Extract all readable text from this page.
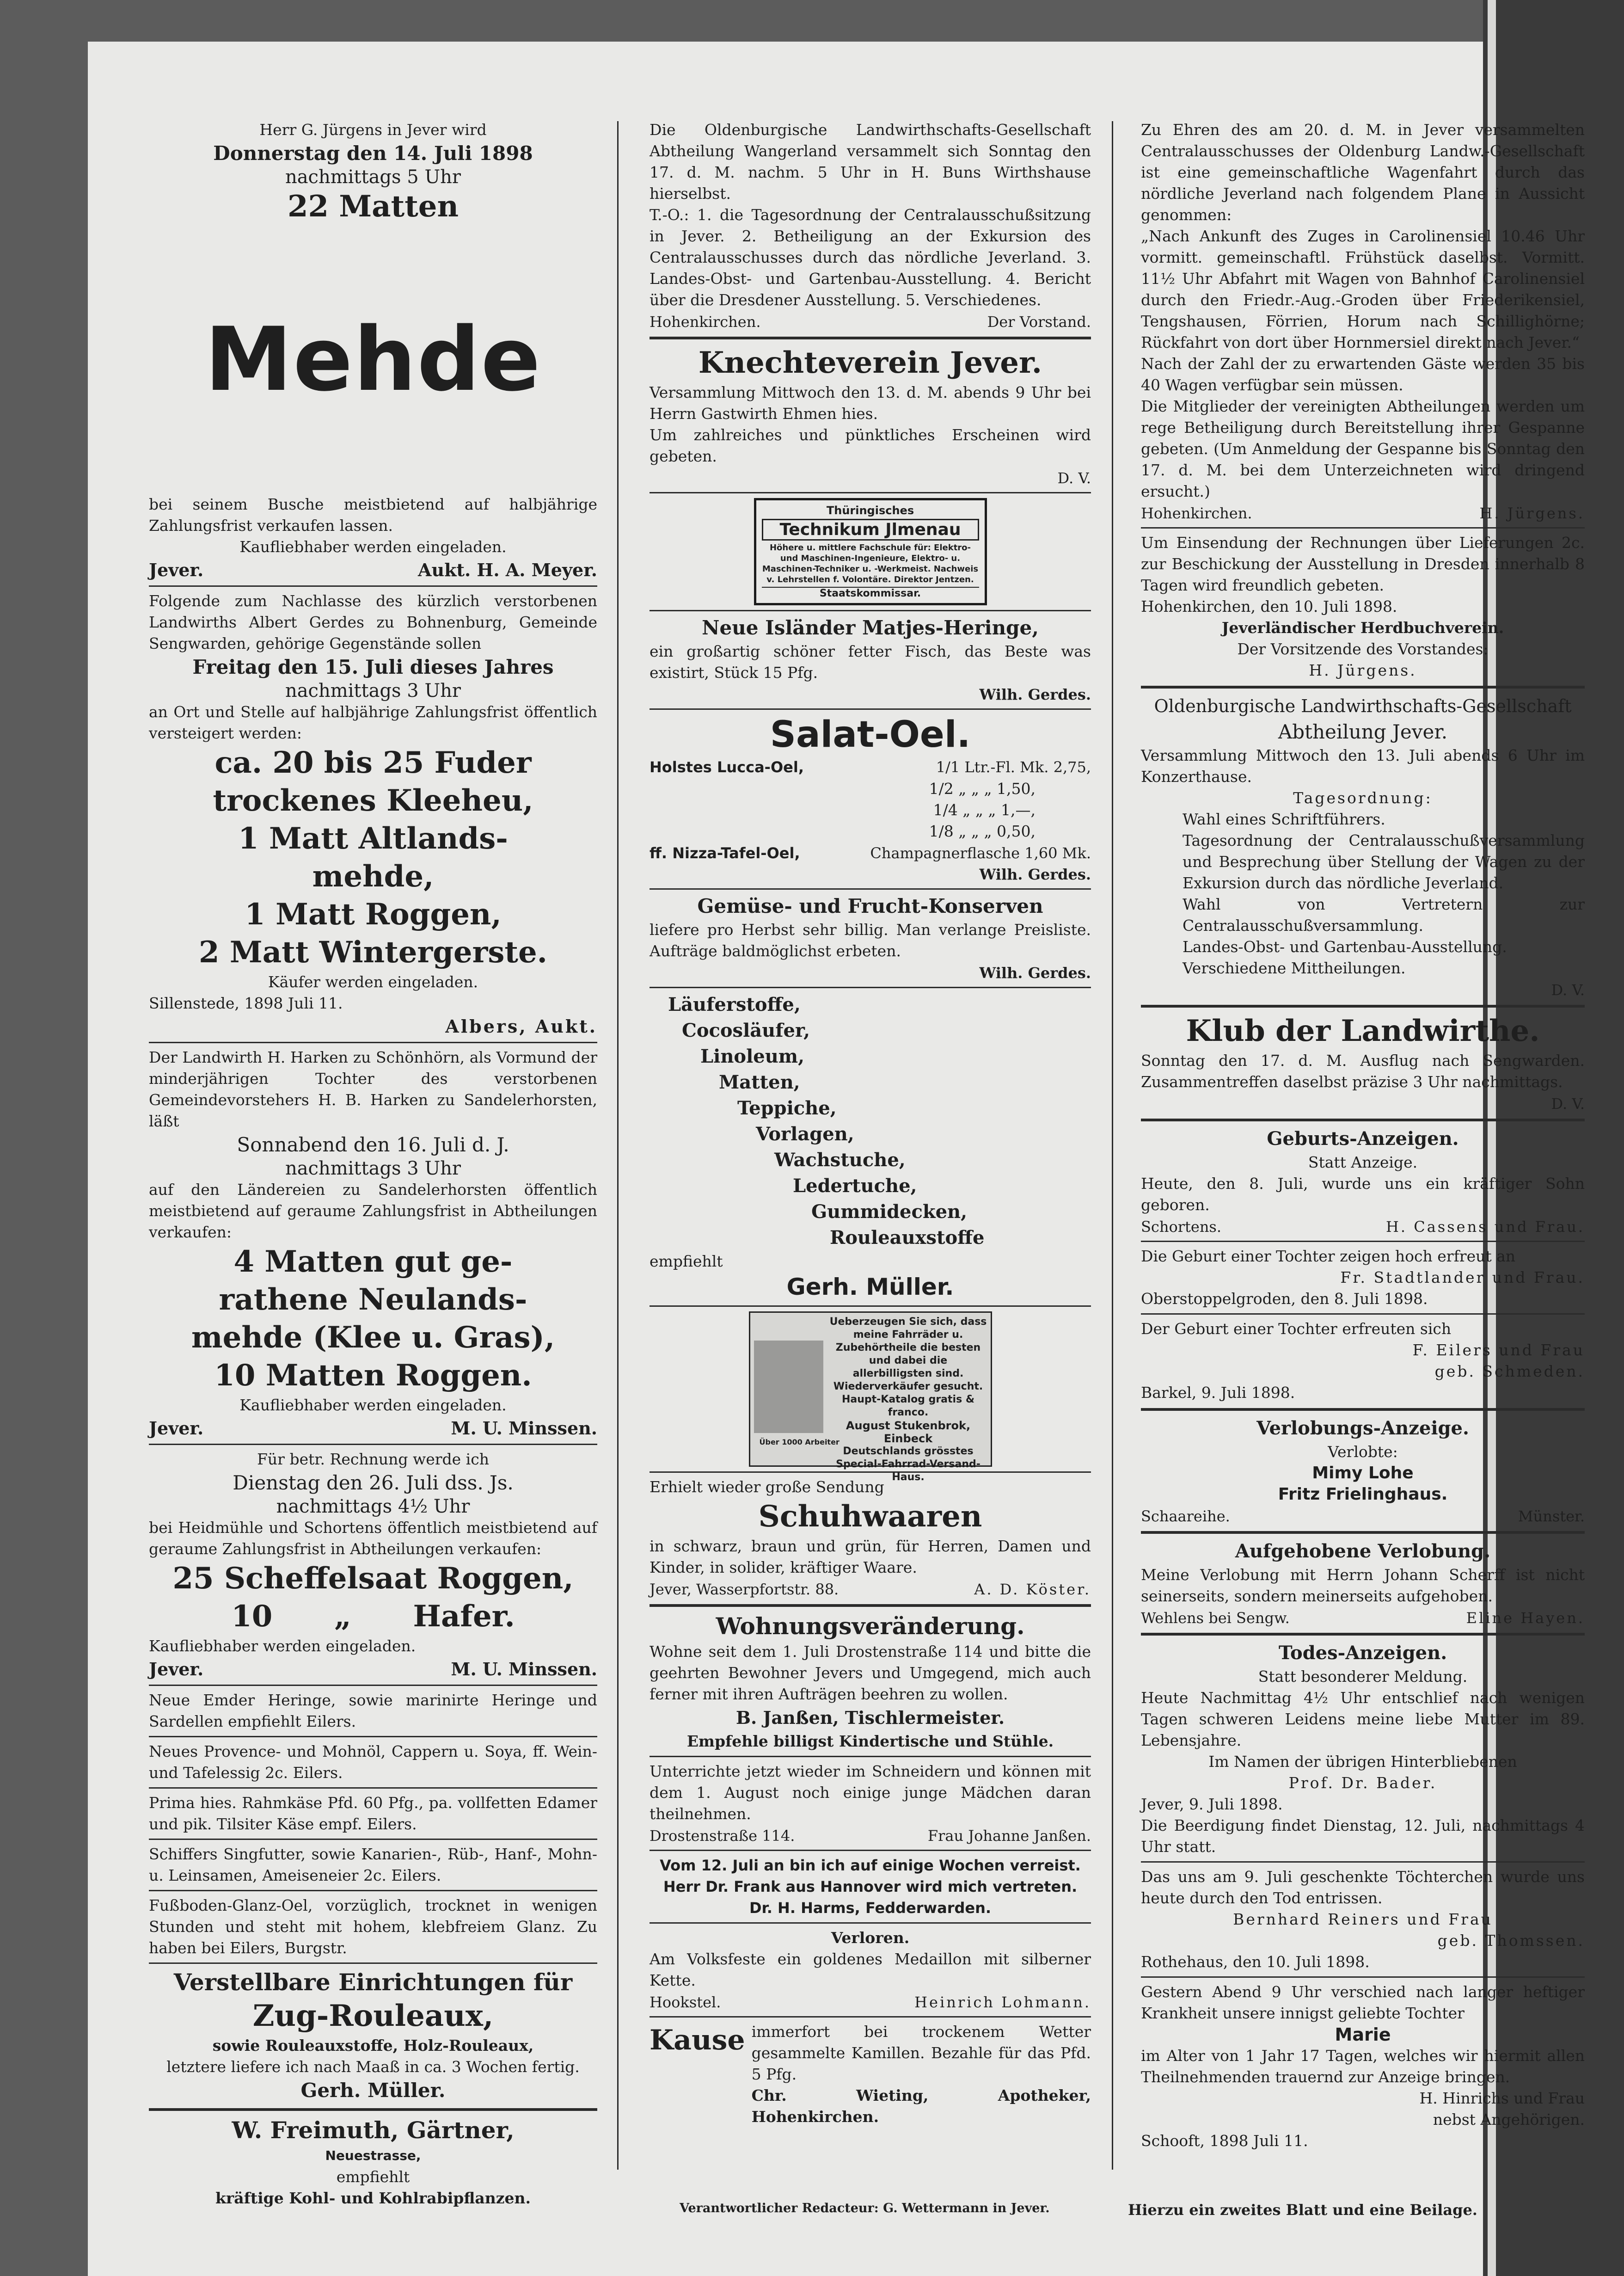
Herr G. Jürgens in Jever wird

Donnerstag den 14. Juli 1898

nachmittags 5 Uhr

22 Matten

Mehde

bei seinem Busche meistbietend auf halbjährige Zahlungsfrist verkaufen lassen.

Kaufliebhaber werden eingeladen.

Jever.	Aukt. H. A. Meyer.

Folgende zum Nachlasse des kürzlich verstorbenen Landwirths Albert Gerdes zu Bohnenburg, Gemeinde Sengwarden, gehörige Gegenstände sollen

Freitag den 15. Juli dieses Jahres

nachmittags 3 Uhr

an Ort und Stelle auf halbjährige Zahlungsfrist öffentlich versteigert werden:

ca. 20 bis 25 Fuder

trockenes Kleeheu,

1 Matt Altlands-

mehde,

1 Matt Roggen,

2 Matt Wintergerste.

Käufer werden eingeladen.

Sillenstede, 1898 Juli 11.

Albers, Aukt.

Der Landwirth H. Harken zu Schönhörn, als Vormund der minderjährigen Tochter des verstorbenen Gemeindevorstehers H. B. Harken zu Sandelerhorsten, läßt

Sonnabend den 16. Juli d. J.

nachmittags 3 Uhr

auf den Ländereien zu Sandelerhorsten öffentlich meistbietend auf geraume Zahlungsfrist in Abtheilungen verkaufen:

4 Matten gut ge-

rathene Neulands-

mehde (Klee u. Gras),

10 Matten Roggen.

Kaufliebhaber werden eingeladen.

Jever.	M. U. Minssen.

Für betr. Rechnung werde ich

Dienstag den 26. Juli dss. Js.

nachmittags 4½ Uhr

bei Heidmühle und Schortens öffentlich meistbietend auf geraume Zahlungsfrist in Abtheilungen verkaufen:

25 Scheffelsaat Roggen,

10      „      Hafer.

Kaufliebhaber werden eingeladen.

Jever.	M. U. Minssen.

Neue Emder Heringe, sowie marinirte Heringe und Sardellen empfiehlt Eilers.

Neues Provence- und Mohnöl, Cappern u. Soya, ff. Wein- und Tafelessig 2c. Eilers.

Prima hies. Rahmkäse Pfd. 60 Pfg., pa. vollfetten Edamer und pik. Tilsiter Käse empf. Eilers.

Schiffers Singfutter, sowie Kanarien-, Rüb-, Hanf-, Mohn- u. Leinsamen, Ameiseneier 2c. Eilers.

Fußboden-Glanz-Oel, vorzüglich, trocknet in wenigen Stunden und steht mit hohem, klebfreiem Glanz. Zu haben bei Eilers, Burgstr.

Verstellbare Einrichtungen für

Zug-Rouleaux,

sowie Rouleauxstoffe, Holz-Rouleaux,

letztere liefere ich nach Maaß in ca. 3 Wochen fertig.

Gerh. Müller.

W. Freimuth, Gärtner,

Neuestrasse,

empfiehlt

kräftige Kohl- und Kohlrabipflanzen.

Die Oldenburgische Landwirthschafts-Gesellschaft Abtheilung Wangerland versammelt sich Sonntag den 17. d. M. nachm. 5 Uhr in H. Buns Wirthshause hierselbst.

T.-O.: 1. die Tagesordnung der Centralausschußsitzung in Jever. 2. Betheiligung an der Exkursion des Centralausschusses durch das nördliche Jeverland. 3. Landes-Obst- und Gartenbau-Ausstellung. 4. Bericht über die Dresdener Ausstellung. 5. Verschiedenes.

Hohenkirchen.	Der Vorstand.

Knechteverein Jever.

Versammlung Mittwoch den 13. d. M. abends 9 Uhr bei Herrn Gastwirth Ehmen hies.

Um zahlreiches und pünktliches Erscheinen wird gebeten.

D. V.
Thüringisches
Technikum Jlmenau
Höhere u. mittlere Fachschule für: Elektro- und Maschinen-Ingenieure, Elektro- u. Maschinen-Techniker u. -Werkmeist. Nachweis v. Lehrstellen f. Volontäre. Direktor Jentzen.
Staatskommissar.

Neue Isländer Matjes-Heringe,

ein großartig schöner fetter Fisch, das Beste was existirt, Stück 15 Pfg.

Wilh. Gerdes.

Salat-Oel.

Holstes Lucca-Oel,	1/1 Ltr.-Fl. Mk. 2,75,

1/2 „ „ „ 1,50,

1/4 „ „ „ 1,—,

1/8 „ „ „ 0,50,

ff. Nizza-Tafel-Oel,	Champagnerflasche 1,60 Mk.
Wilh. Gerdes.

Gemüse- und Frucht-Konserven

liefere pro Herbst sehr billig. Man verlange Preisliste. Aufträge baldmöglichst erbeten.

Wilh. Gerdes.

Läuferstoffe,

Cocosläufer,

Linoleum,

Matten,

Teppiche,

Vorlagen,

Wachstuche,

Ledertuche,

Gummidecken,

Rouleauxstoffe

empfiehlt

Gerh. Müller.

Ueberzeugen Sie sich, dass meine Fahrräder u. Zubehörtheile die besten und dabei die allerbilligsten sind.
Wiederverkäufer gesucht.
Haupt-Katalog gratis & franco.
August Stukenbrok, Einbeck
Deutschlands grösstes Special-Fahrrad-Versand-Haus.
Über 1000 Arbeiter

Erhielt wieder große Sendung

Schuhwaaren

in schwarz, braun und grün, für Herren, Damen und Kinder, in solider, kräftiger Waare.

Jever, Wasserpfortstr. 88.	A. D. Köster.

Wohnungsveränderung.

Wohne seit dem 1. Juli Drostenstraße 114 und bitte die geehrten Bewohner Jevers und Umgegend, mich auch ferner mit ihren Aufträgen beehren zu wollen.

B. Janßen, Tischlermeister.

Empfehle billigst Kindertische und Stühle.

Unterrichte jetzt wieder im Schneidern und können mit dem 1. August noch einige junge Mädchen daran theilnehmen.

Drostenstraße 114.	Frau Johanne Janßen.

Vom 12. Juli an bin ich auf einige Wochen verreist. Herr Dr. Frank aus Hannover wird mich vertreten.

Dr. H. Harms, Fedderwarden.

Verloren.

Am Volksfeste ein goldenes Medaillon mit silberner Kette.

Hookstel.	Heinrich Lohmann.
Kause immerfort bei trockenem Wetter gesammelte Kamillen. Bezahle für das Pfd. 5 Pfg.

Chr. Wieting, Apotheker, Hohenkirchen.

Zu Ehren des am 20. d. M. in Jever versammelten Centralausschusses der Oldenburg Landw.-Gesellschaft ist eine gemeinschaftliche Wagenfahrt durch das nördliche Jeverland nach folgendem Plane in Aussicht genommen:

„Nach Ankunft des Zuges in Carolinensiel 10.46 Uhr vormitt. gemeinschaftl. Frühstück daselbst. Vormitt. 11½ Uhr Abfahrt mit Wagen von Bahnhof Carolinensiel durch den Friedr.-Aug.-Groden über Friederikensiel, Tengshausen, Förrien, Horum nach Schillighörne; Rückfahrt von dort über Hornmersiel direkt nach Jever.“

Nach der Zahl der zu erwartenden Gäste werden 35 bis 40 Wagen verfügbar sein müssen.

Die Mitglieder der vereinigten Abtheilungen werden um rege Betheiligung durch Bereitstellung ihrer Gespanne gebeten. (Um Anmeldung der Gespanne bis Sonntag den 17. d. M. bei dem Unterzeichneten wird dringend ersucht.)

Hohenkirchen.	H. Jürgens.

Um Einsendung der Rechnungen über Lieferungen 2c. zur Beschickung der Ausstellung in Dresden innerhalb 8 Tagen wird freundlich gebeten.

Hohenkirchen, den 10. Juli 1898.

Jeverländischer Herdbuchverein.

Der Vorsitzende des Vorstandes:

H. Jürgens.

Oldenburgische Landwirthschafts-Gesellschaft

Abtheilung Jever.

Versammlung Mittwoch den 13. Juli abends 6 Uhr im Konzerthause.

Tagesordnung:

Wahl eines Schriftführers.

Tagesordnung der Centralausschußversammlung und Besprechung über Stellung der Wagen zu der Exkursion durch das nördliche Jeverland.

Wahl von Vertretern zur Centralausschußversammlung.

Landes-Obst- und Gartenbau-Ausstellung.

Verschiedene Mittheilungen.

D. V.

Klub der Landwirthe.

Sonntag den 17. d. M. Ausflug nach Sengwarden. Zusammentreffen daselbst präzise 3 Uhr nachmittags.

D. V.

Geburts-Anzeigen.

Statt Anzeige.

Heute, den 8. Juli, wurde uns ein kräftiger Sohn geboren.

Schortens.	H. Cassens und Frau.

Die Geburt einer Tochter zeigen hoch erfreut an

Fr. Stadtlander und Frau.

Oberstoppelgroden, den 8. Juli 1898.

Der Geburt einer Tochter erfreuten sich

F. Eilers und Frau

geb. Schmeden.

Barkel, 9. Juli 1898.

Verlobungs-Anzeige.

Verlobte:

Mimy Lohe

Fritz Frielinghaus.

Schaareihe.	Münster.

Aufgehobene Verlobung.

Meine Verlobung mit Herrn Johann Scherff ist nicht seinerseits, sondern meinerseits aufgehoben.

Wehlens bei Sengw.	Eline Hayen.

Todes-Anzeigen.

Statt besonderer Meldung.

Heute Nachmittag 4½ Uhr entschlief nach wenigen Tagen schweren Leidens meine liebe Mutter im 89. Lebensjahre.

Im Namen der übrigen Hinterbliebenen

Prof. Dr. Bader.

Jever, 9. Juli 1898.

Die Beerdigung findet Dienstag, 12. Juli, nachmittags 4 Uhr statt.

Das uns am 9. Juli geschenkte Töchterchen wurde uns heute durch den Tod entrissen.

Bernhard Reiners und Frau

geb. Thomssen.

Rothehaus, den 10. Juli 1898.

Gestern Abend 9 Uhr verschied nach langer heftiger Krankheit unsere innigst geliebte Tochter

Marie

im Alter von 1 Jahr 17 Tagen, welches wir hiermit allen Theilnehmenden trauernd zur Anzeige bringen.

H. Hinrichs und Frau

nebst Angehörigen.

Schooft, 1898 Juli 11.

Verantwortlicher Redacteur: G. Wettermann in Jever.	Hierzu ein zweites Blatt und eine Beilage.
